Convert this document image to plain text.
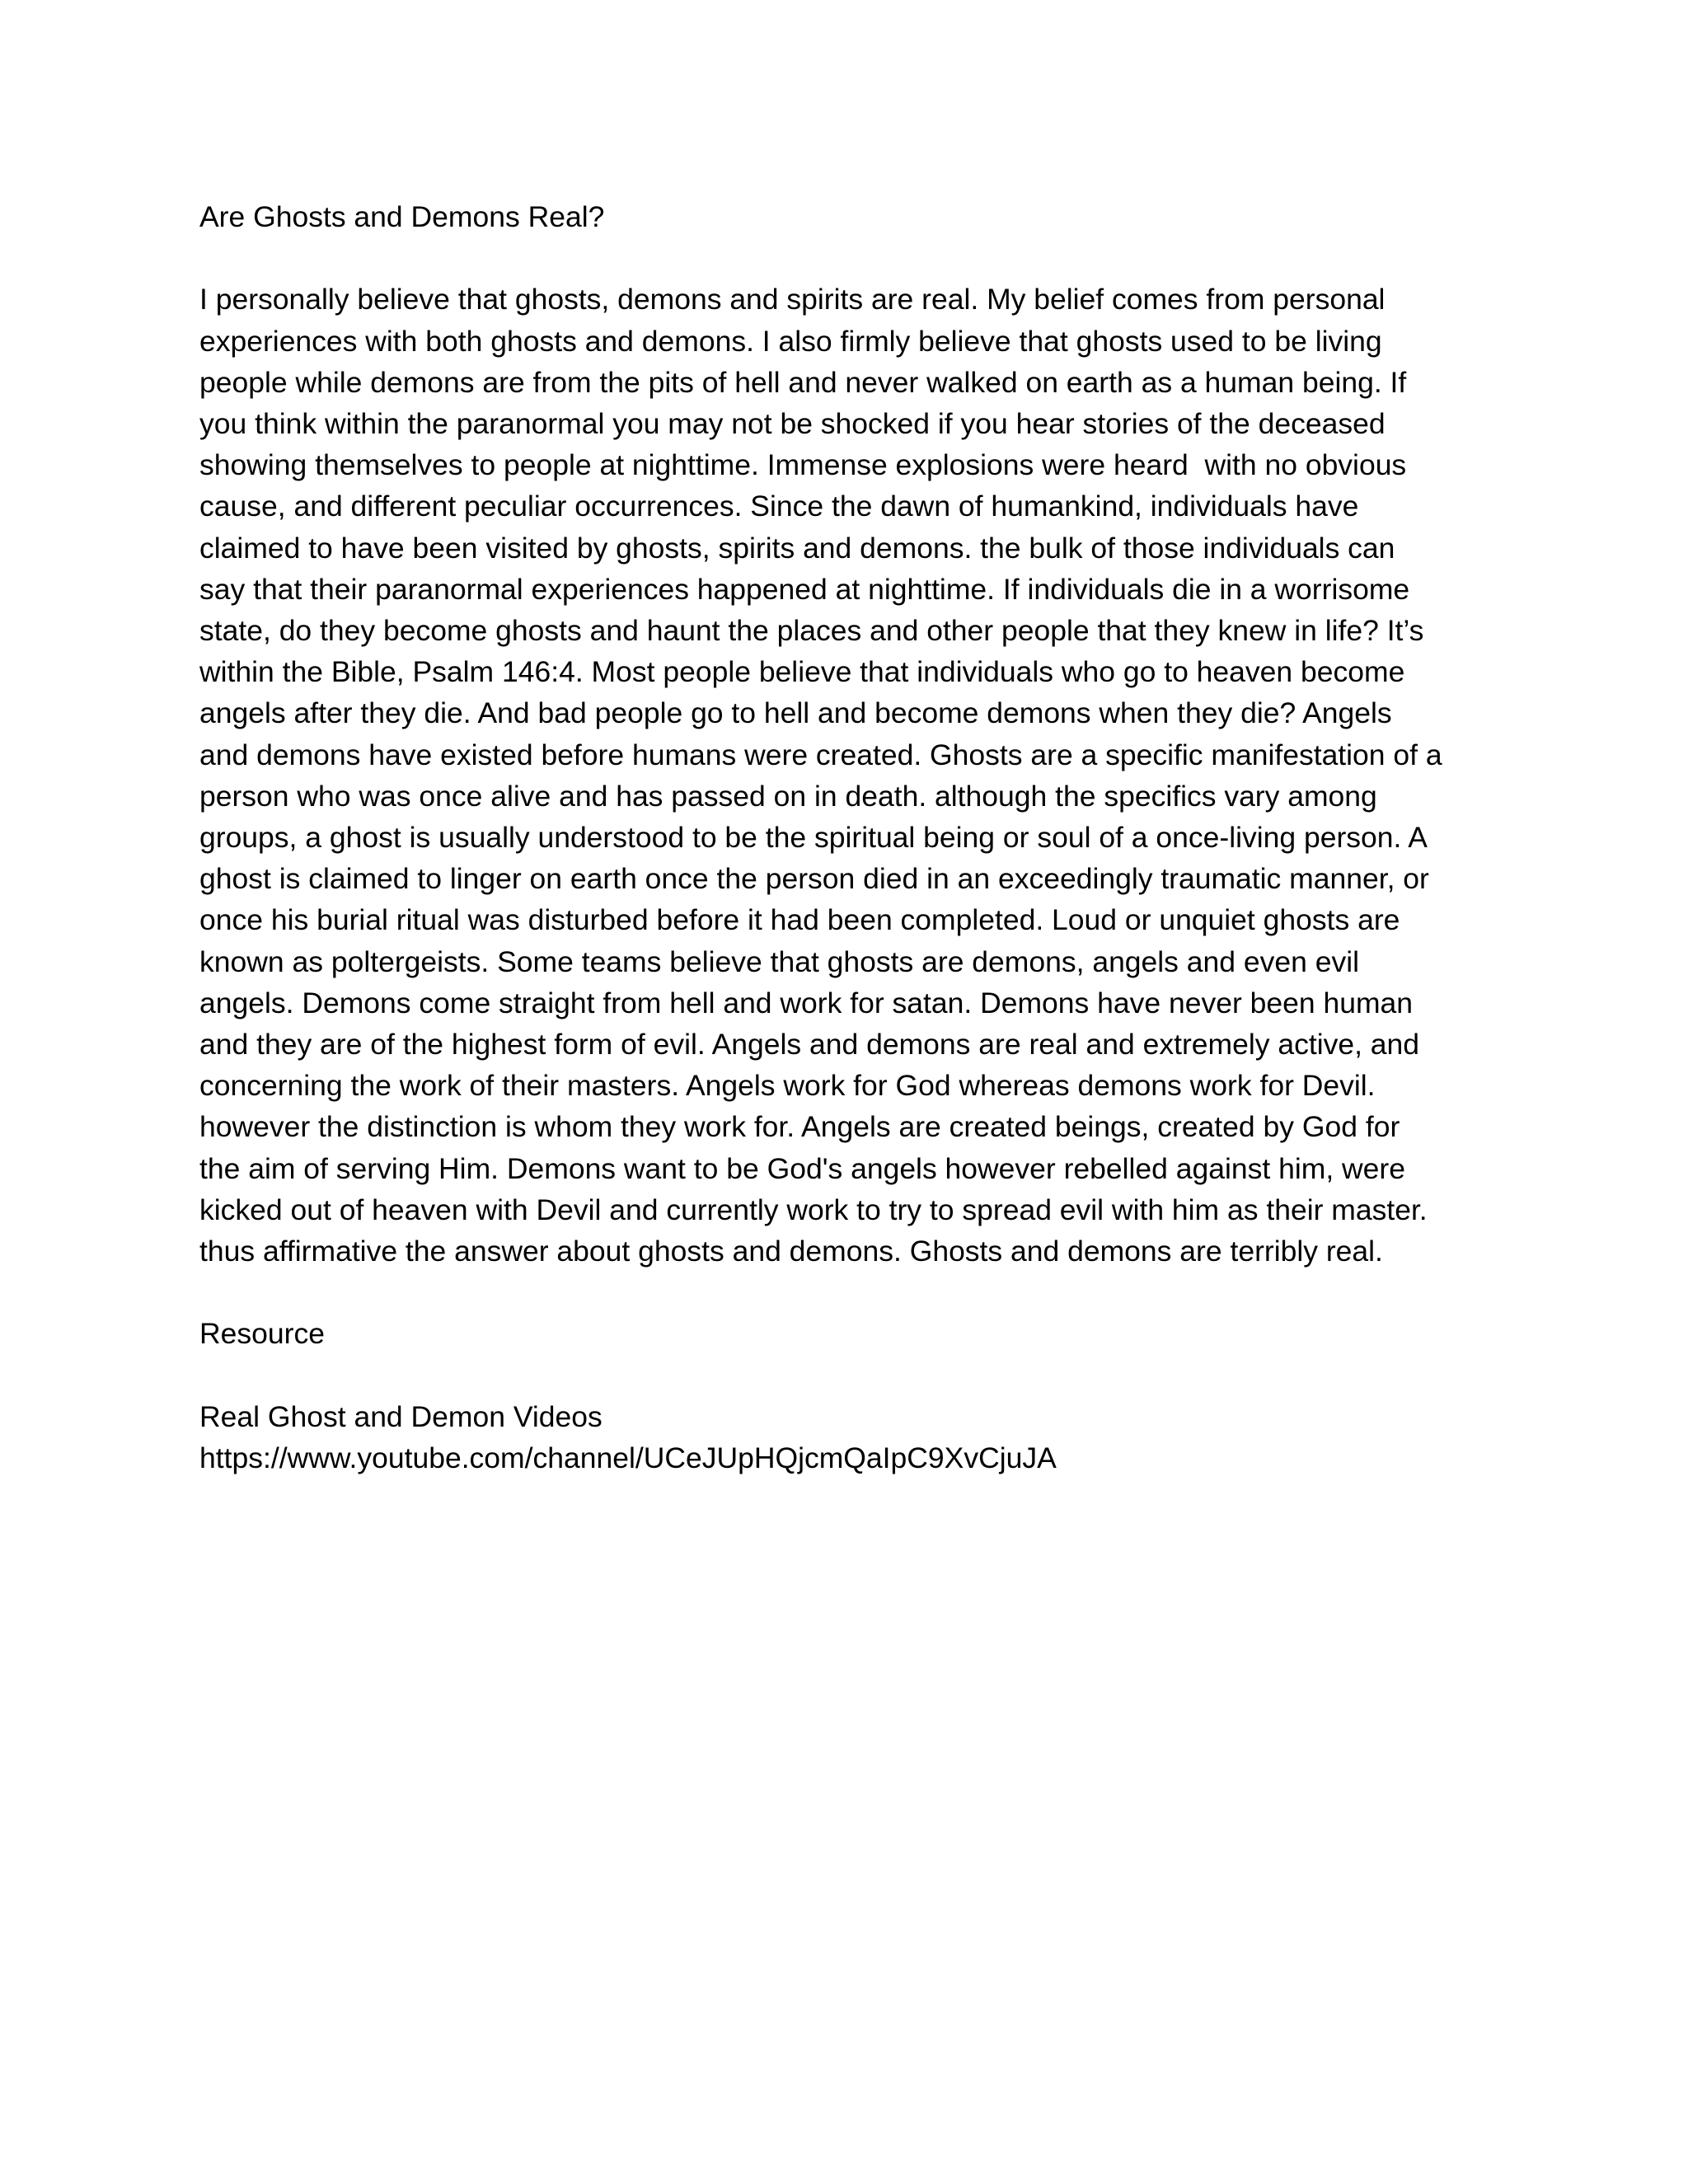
Are Ghosts and Demons Real?

I personally believe that ghosts, demons and spirits are real. My belief comes from personal
experiences with both ghosts and demons. I also firmly believe that ghosts used to be living
people while demons are from the pits of hell and never walked on earth as a human being. If
you think within the paranormal you may not be shocked if you hear stories of the deceased
showing themselves to people at nighttime. Immense explosions were heard  with no obvious
cause, and different peculiar occurrences. Since the dawn of humankind, individuals have
claimed to have been visited by ghosts, spirits and demons. the bulk of those individuals can
say that their paranormal experiences happened at nighttime. If individuals die in a worrisome
state, do they become ghosts and haunt the places and other people that they knew in life? It’s
within the Bible, Psalm 146:4. Most people believe that individuals who go to heaven become
angels after they die. And bad people go to hell and become demons when they die? Angels
and demons have existed before humans were created. Ghosts are a specific manifestation of a
person who was once alive and has passed on in death. although the specifics vary among
groups, a ghost is usually understood to be the spiritual being or soul of a once-living person. A
ghost is claimed to linger on earth once the person died in an exceedingly traumatic manner, or
once his burial ritual was disturbed before it had been completed. Loud or unquiet ghosts are
known as poltergeists. Some teams believe that ghosts are demons, angels and even evil
angels. Demons come straight from hell and work for satan. Demons have never been human
and they are of the highest form of evil. Angels and demons are real and extremely active, and
concerning the work of their masters. Angels work for God whereas demons work for Devil.
however the distinction is whom they work for. Angels are created beings, created by God for
the aim of serving Him. Demons want to be God's angels however rebelled against him, were
kicked out of heaven with Devil and currently work to try to spread evil with him as their master.
thus affirmative the answer about ghosts and demons. Ghosts and demons are terribly real.

Resource

Real Ghost and Demon Videos
https://www.youtube.com/channel/UCeJUpHQjcmQaIpC9XvCjuJA
